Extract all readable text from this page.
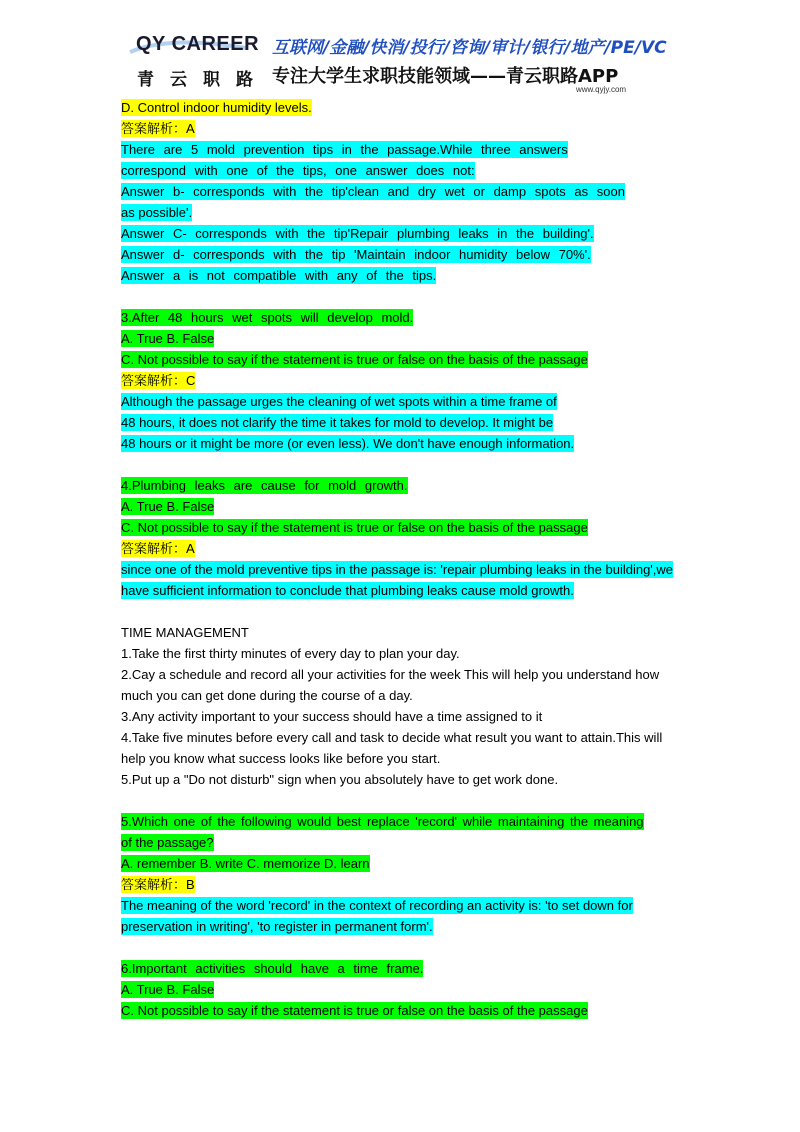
QY CAREER
青云职路
互联网/金融/快消/投行/咨询/审计/银行/地产/PE/VC
专注大学生求职技能领域——青云职路APP
www.qyjy.com
D. Control indoor humidity levels.
答案解析：A
There are 5 mold prevention tips in the passage.While three answers
correspond with one of the tips, one answer does not:
Answer b- corresponds with the tip'clean and dry wet or damp spots as soon
as possible'.
Answer C- corresponds with the tip'Repair plumbing leaks in the building'.
Answer d- corresponds with the tip 'Maintain indoor humidity below 70%'.
Answer a is not compatible with any of the tips.
3.After 48 hours wet spots will develop mold.
A. True B. False
C. Not possible to say if the statement is true or false on the basis of the passage
答案解析：C
Although the passage urges the cleaning of wet spots within a time frame of
48 hours, it does not clarify the time it takes for mold to develop. It might be
48 hours or it might be more (or even less). We don't have enough information.
4.Plumbing leaks are cause for mold growth.
A. True B. False
C. Not possible to say if the statement is true or false on the basis of the passage
答案解析：A
since one of the mold preventive tips in the passage is: 'repair plumbing leaks in the building',we
have sufficient information to conclude that plumbing leaks cause mold growth.
TIME MANAGEMENT
1.Take the first thirty minutes of every day to plan your day.
2.Cay a schedule and record all your activities for the week This will help you understand how
much you can get done during the course of a day.
3.Any activity important to your success should have a time assigned to it
4.Take five minutes before every call and task to decide what result you want to attain.This will
help you know what success looks like before you start.
5.Put up a "Do not disturb" sign when you absolutely have to get work done.
5.Which one of the following would best replace 'record' while maintaining the meaning
of the passage?
A. remember B. write C. memorize D. learn
答案解析：B
The meaning of the word 'record' in the context of recording an activity is: 'to set down for
preservation in writing', 'to register in permanent form'.
6.Important activities should have a time frame.
A. True B. False
C. Not possible to say if the statement is true or false on the basis of the passage
